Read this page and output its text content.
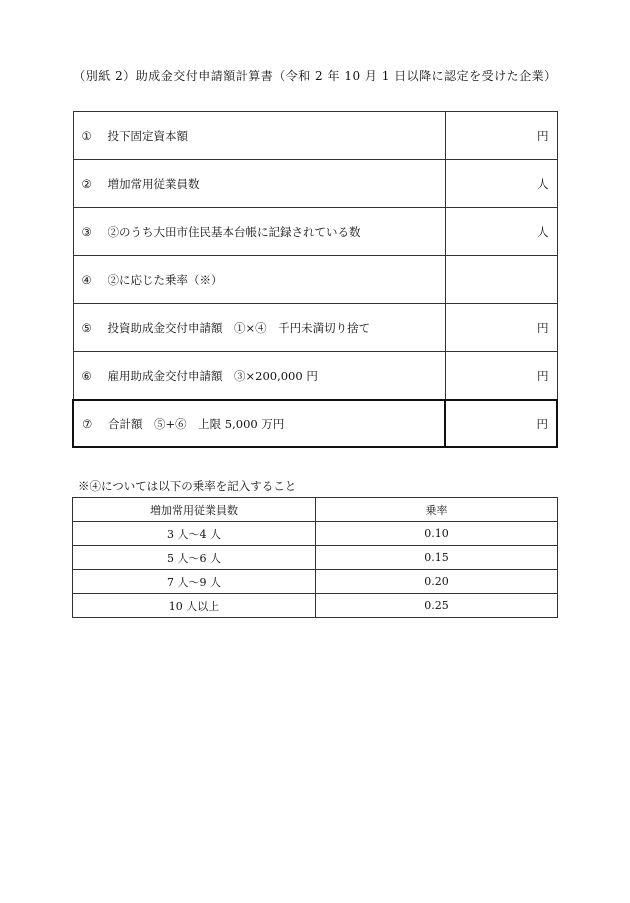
（別紙 2）助成金交付申請額計算書（令和 2 年 10 月 1 日以降に認定を受けた企業）
① 投下固定資本額	円
② 増加常用従業員数	人
③ ②のうち大田市住民基本台帳に記録されている数	人
④ ②に応じた乗率（※）	
⑤ 投資助成金交付申請額　①×④　千円未満切り捨て	円
⑥ 雇用助成金交付申請額　③×200,000 円	円
⑦ 合計額　⑤+⑥　上限 5,000 万円	円
※④については以下の乗率を記入すること
増加常用従業員数	乗率
3 人～4 人	0.10
5 人～6 人	0.15
7 人～9 人	0.20
10 人以上	0.25
